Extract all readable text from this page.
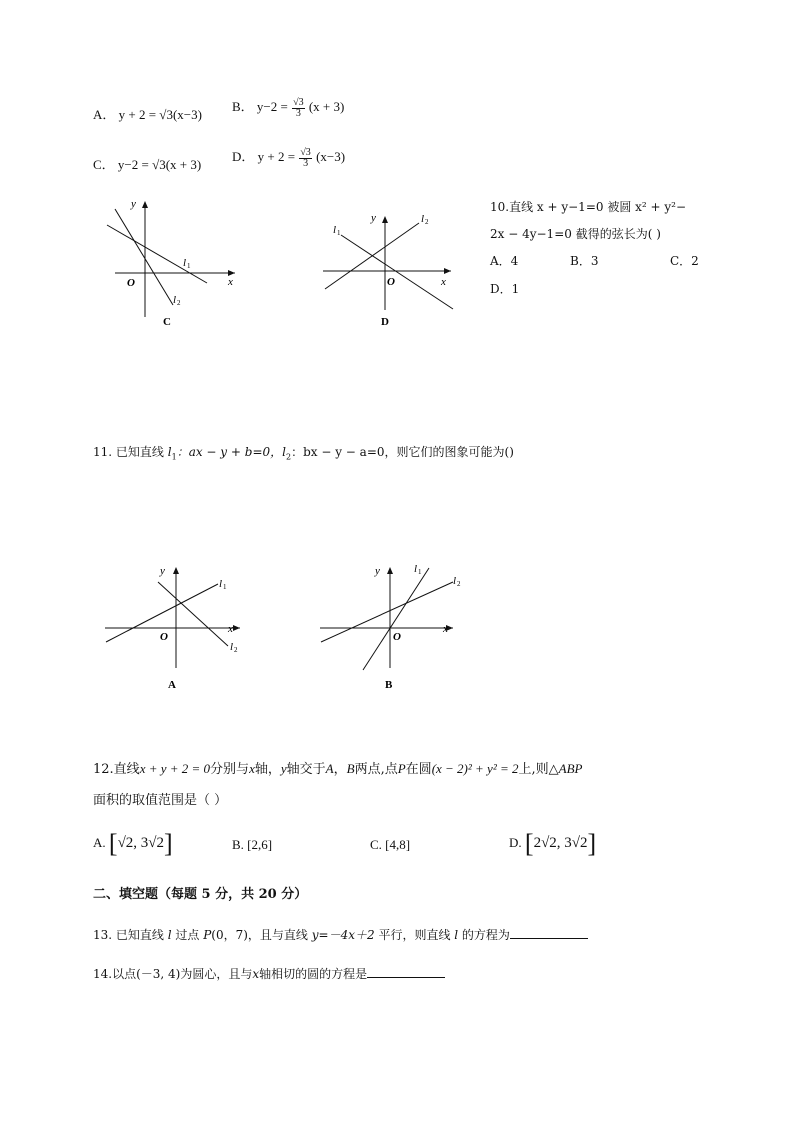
A． y + 2 = √3(x−3)
B． $y-2 = \frac{√3}{3} (x + 3)$
C． y−2 = √3(x + 3)
D． $y + 2 = \frac{√3}{3} (x-3)$
y
x
O
l 1
l 2
C
y
x
O
l 1
l 2
D
10.直线 x + y−1=0 被圆 x² + y²−
2x − 4y−1=0 截得的弦长为( )
A．4	B．3	C．2
D．1
11. 已知直线 $l_1$：ax − y + b=0，$l_2$：bx − y − a=0，则它们的图象可能为()
y
x
O
l 1
l 2
A
y
x
O
l 1
l 2
B
12.直线x + y + 2 = 0分别与x轴，y轴交于A，B两点,点P在圆(x − 2)² + y² = 2上,则△ABP
面积的取值范围是（ ）
A. [√2, 3√2]	B. [2,6]	C. [4,8]	D. [2√2, 3√2]
二、填空题（每题 5 分，共 20 分）
13. 已知直线 l 过点 P(0，7)，且与直线 y=－4x＋2 平行，则直线 l 的方程为
14.以点(－3, 4)为圆心，且与x轴相切的圆的方程是
